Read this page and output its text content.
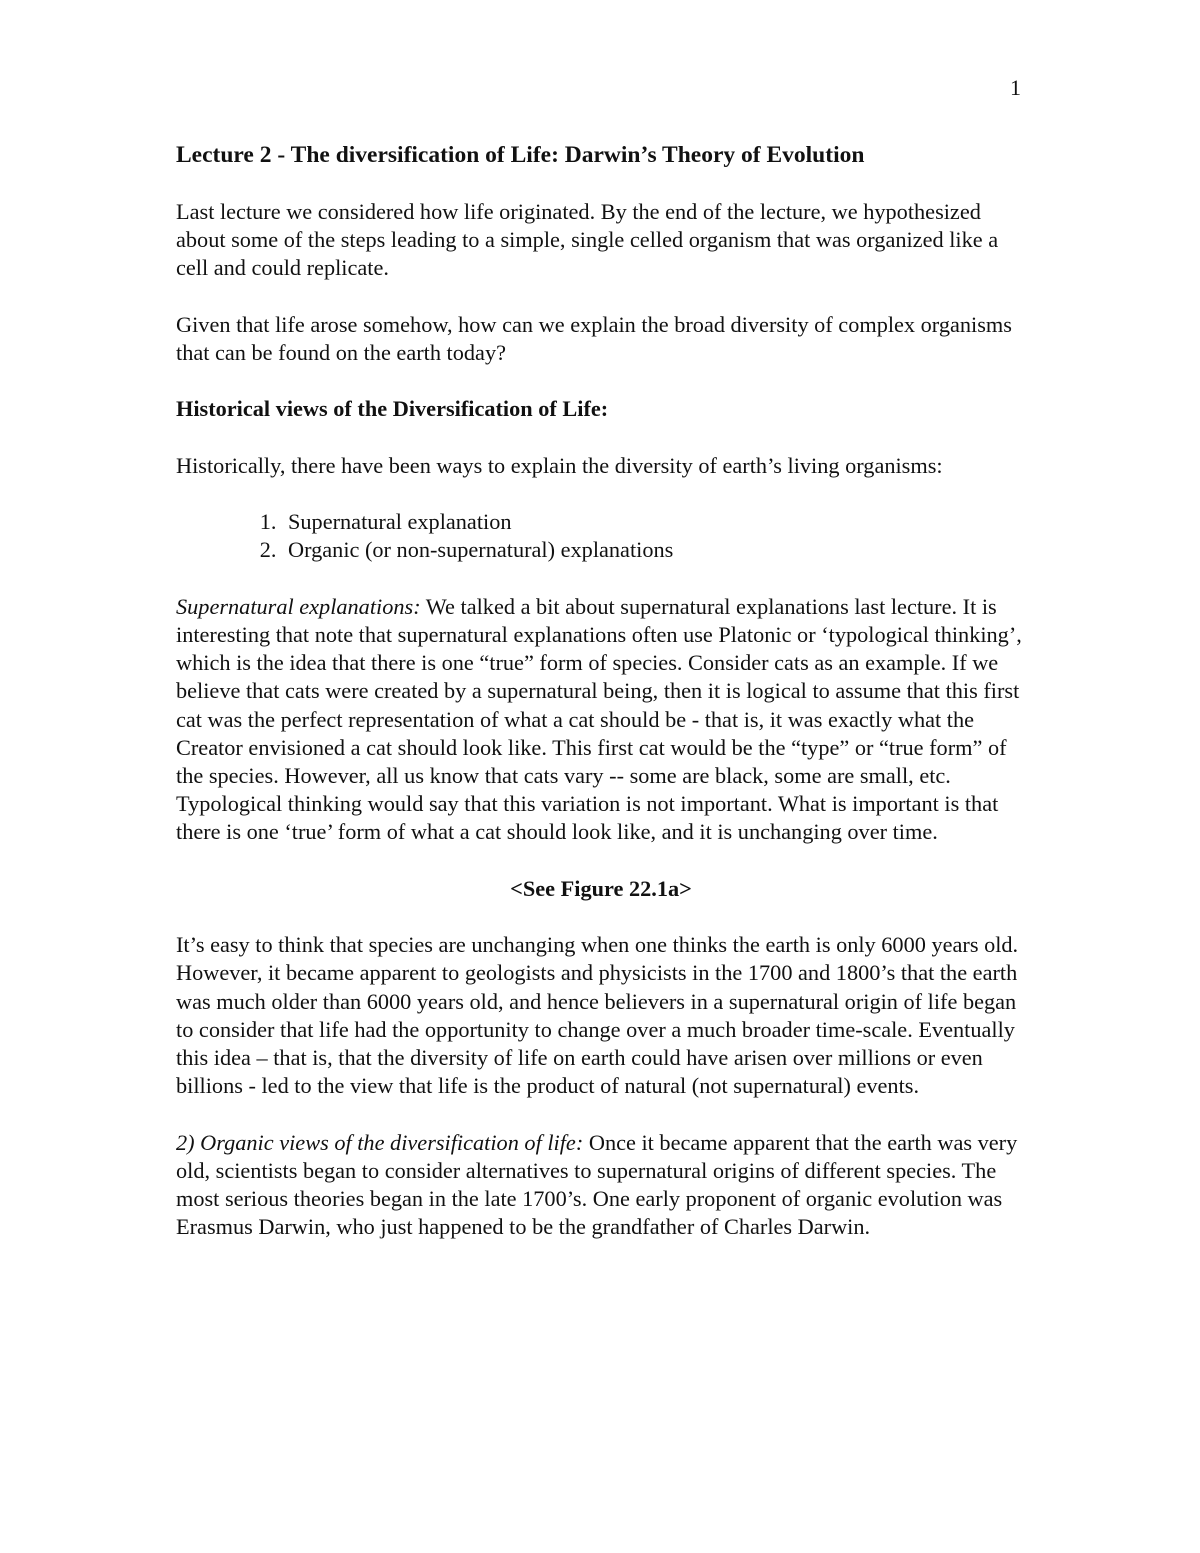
1
Lecture 2 - The diversification of Life: Darwin’s Theory of Evolution

Last lecture we considered how life originated. By the end of the lecture, we hypothesized about some of the steps leading to a simple, single celled organism that was organized like a cell and could replicate.

Given that life arose somehow, how can we explain the broad diversity of complex organisms that can be found on the earth today?

Historical views of the Diversification of Life:

Historically, there have been ways to explain the diversity of earth’s living organisms:

1. Supernatural explanation
2. Organic (or non-supernatural) explanations

Supernatural explanations: We talked a bit about supernatural explanations last lecture. It is interesting that note that supernatural explanations often use Platonic or ‘typological thinking’, which is the idea that there is one “true” form of species. Consider cats as an example. If we believe that cats were created by a supernatural being, then it is logical to assume that this first cat was the perfect representation of what a cat should be - that is, it was exactly what the Creator envisioned a cat should look like. This first cat would be the “type” or “true form” of the species. However, all us know that cats vary -- some are black, some are small, etc. Typological thinking would say that this variation is not important. What is important is that there is one ‘true’ form of what a cat should look like, and it is unchanging over time.

<See Figure 22.1a>

It’s easy to think that species are unchanging when one thinks the earth is only 6000 years old. However, it became apparent to geologists and physicists in the 1700 and 1800’s that the earth was much older than 6000 years old, and hence believers in a supernatural origin of life began to consider that life had the opportunity to change over a much broader time-scale. Eventually this idea – that is, that the diversity of life on earth could have arisen over millions or even billions - led to the view that life is the product of natural (not supernatural) events.

2) Organic views of the diversification of life: Once it became apparent that the earth was very old, scientists began to consider alternatives to supernatural origins of different species. The most serious theories began in the late 1700’s. One early proponent of organic evolution was Erasmus Darwin, who just happened to be the grandfather of Charles Darwin.
